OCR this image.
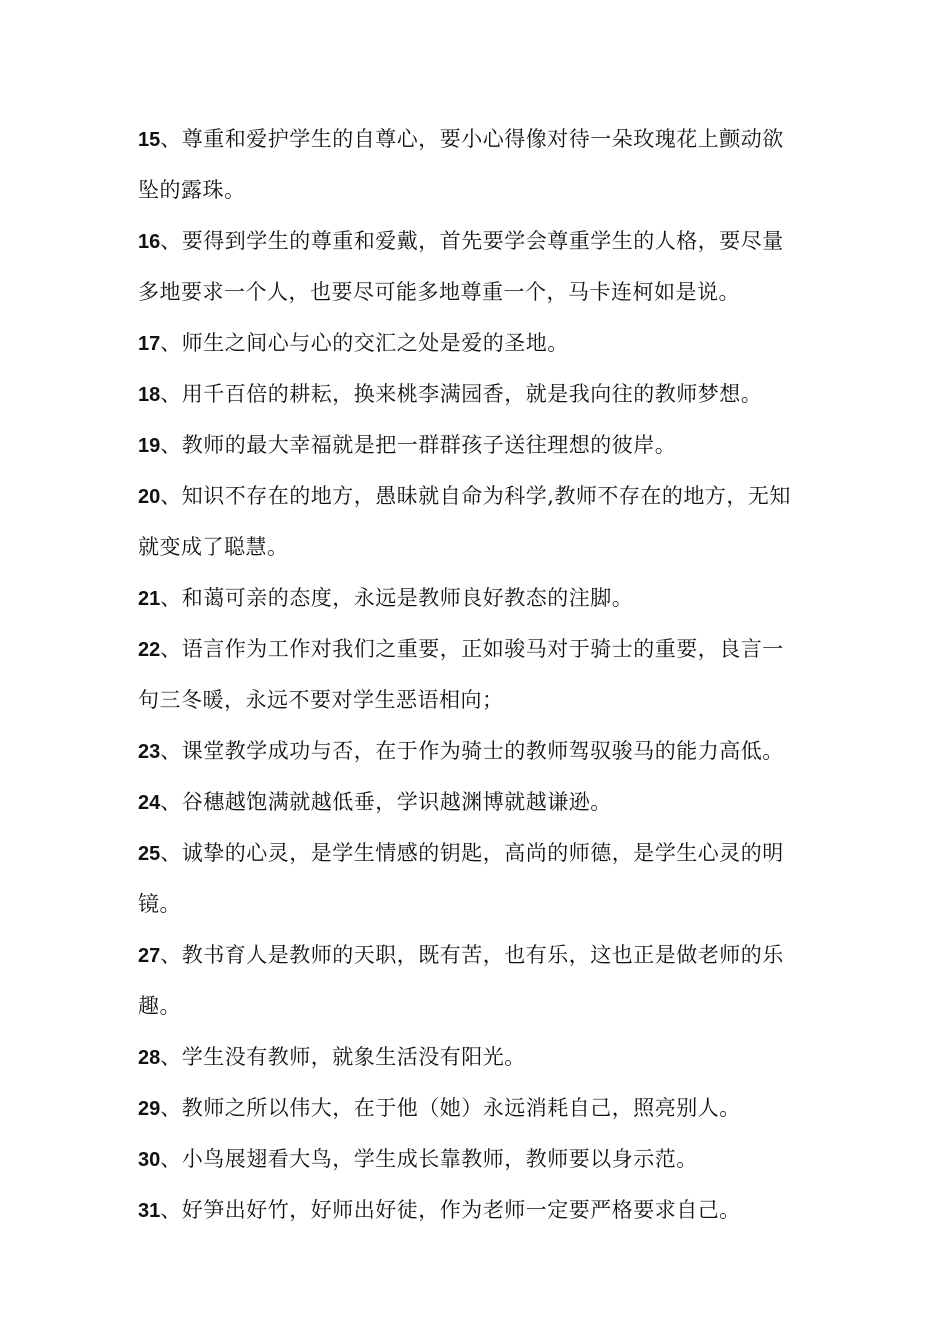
15、尊重和爱护学生的自尊心，要小心得像对待一朵玫瑰花上颤动欲
坠的露珠。
16、要得到学生的尊重和爱戴，首先要学会尊重学生的人格，要尽量
多地要求一个人，也要尽可能多地尊重一个，马卡连柯如是说。
17、师生之间心与心的交汇之处是爱的圣地。
18、用千百倍的耕耘，换来桃李满园香，就是我向往的教师梦想。
19、教师的最大幸福就是把一群群孩子送往理想的彼岸。
20、知识不存在的地方，愚昧就自命为科学,教师不存在的地方，无知
就变成了聪慧。
21、和蔼可亲的态度，永远是教师良好教态的注脚。
22、语言作为工作对我们之重要，正如骏马对于骑士的重要，良言一
句三冬暖，永远不要对学生恶语相向；
23、课堂教学成功与否，在于作为骑士的教师驾驭骏马的能力高低。
24、谷穗越饱满就越低垂，学识越渊博就越谦逊。
25、诚挚的心灵，是学生情感的钥匙，高尚的师德，是学生心灵的明
镜。
27、教书育人是教师的天职，既有苦，也有乐，这也正是做老师的乐
趣。
28、学生没有教师，就象生活没有阳光。
29、教师之所以伟大，在于他（她）永远消耗自己，照亮别人。
30、小鸟展翅看大鸟，学生成长靠教师，教师要以身示范。
31、好笋出好竹，好师出好徒，作为老师一定要严格要求自己。
